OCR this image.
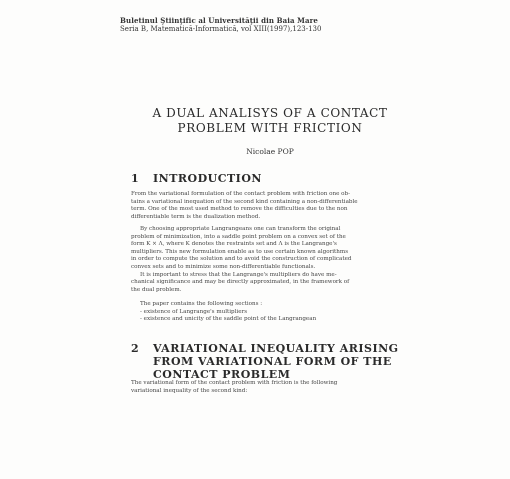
Buletinul Ştiinţific al Universităţii din Baia Mare
Seria B, Matematică-Informatică, vol XIII(1997),123-130
A DUAL ANALISYS OF A CONTACT
PROBLEM WITH FRICTION
Nicolae POP
1 INTRODUCTION
From the variational formulation of the contact problem with friction one ob-
tains a variational inequation of the second kind containing a non-differentiable
term. One of the most used method to remove the difficulties due to the non
differentiable term is the dualization method.
By choosing appropriate Langrangeans one can transform the original
problem of minimization, into a saddle point problem on a convex set of the
form K × Λ, where K denotes the restraints set and Λ is the Langrange's
multipliers. This new formulation enable as to use certain known algorithms
in order to compute the solution and to avoid the construction of complicated
convex sets and to minimize some non-differentiable functionals.
It is important to stress that the Langrange's multipliers do have me-
chanical significance and may be directly approximated, in the framework of
the dual problem.
The paper contains the following sections :
- existence of Langrange's multipliers
- existence and unicity of the saddle point of the Langrangean
2 VARIATIONAL INEQUALITY ARISING
FROM VARIATIONAL FORM OF THE
CONTACT PROBLEM
The variational form of the contact problem with friction is the following
variational inequality of the second kind:
